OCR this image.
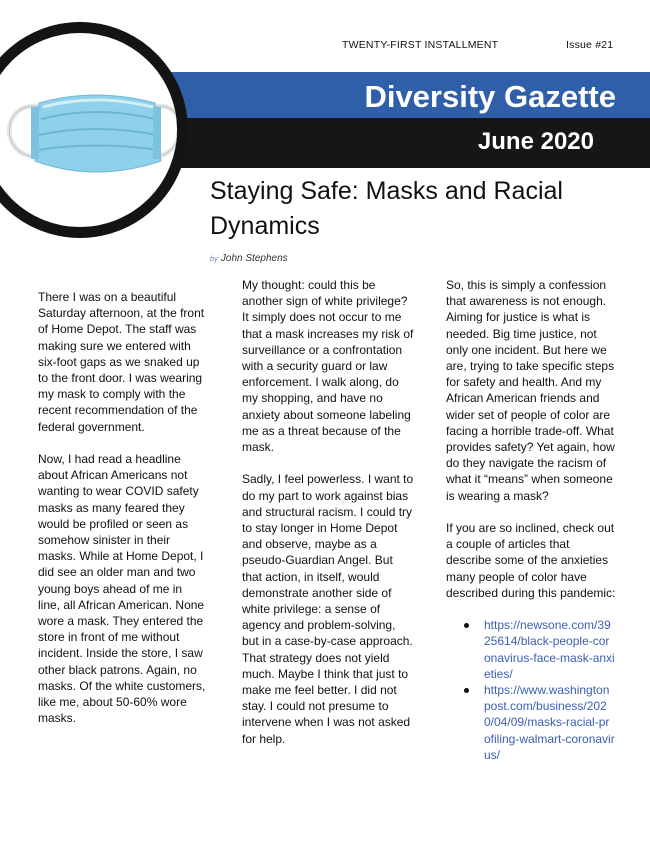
TWENTY-FIRST INSTALLMENT	Issue #21
Diversity Gazette
June 2020
Staying Safe: Masks and Racial Dynamics
by John Stephens

There I was on a beautiful Saturday afternoon, at the front of Home Depot. The staff was making sure we entered with six-foot gaps as we snaked up to the front door. I was wearing my mask to comply with the recent recommendation of the federal government.

Now, I had read a headline about African Americans not wanting to wear COVID safety masks as many feared they would be profiled or seen as somehow sinister in their masks. While at Home Depot, I did see an older man and two young boys ahead of me in line, all African American. None wore a mask. They entered the store in front of me without incident. Inside the store, I saw other black patrons. Again, no masks. Of the white customers, like me, about 50-60% wore masks.

My thought: could this be another sign of white privilege? It simply does not occur to me that a mask increases my risk of surveillance or a confrontation with a security guard or law enforcement. I walk along, do my shopping, and have no anxiety about someone labeling me as a threat because of the mask.

Sadly, I feel powerless. I want to do my part to work against bias and structural racism. I could try to stay longer in Home Depot and observe, maybe as a pseudo-Guardian Angel. But that action, in itself, would demonstrate another side of white privilege: a sense of agency and problem-solving, but in a case-by-case approach. That strategy does not yield much. Maybe I think that just to make me feel better. I did not stay. I could not presume to intervene when I was not asked for help.

So, this is simply a confession that awareness is not enough. Aiming for justice is what is needed. Big time justice, not only one incident. But here we are, trying to take specific steps for safety and health. And my African American friends and wider set of people of color are facing a horrible trade-off. What provides safety? Yet again, how do they navigate the racism of what it “means” when someone is wearing a mask?

If you are so inclined, check out a couple of articles that describe some of the anxieties many people of color have described during this pandemic:

https://newsone.com/3925614/black-people-coronavirus-face-mask-anxieties/
https://www.washingtonpost.com/business/2020/04/09/masks-racial-profiling-walmart-coronavirus/
